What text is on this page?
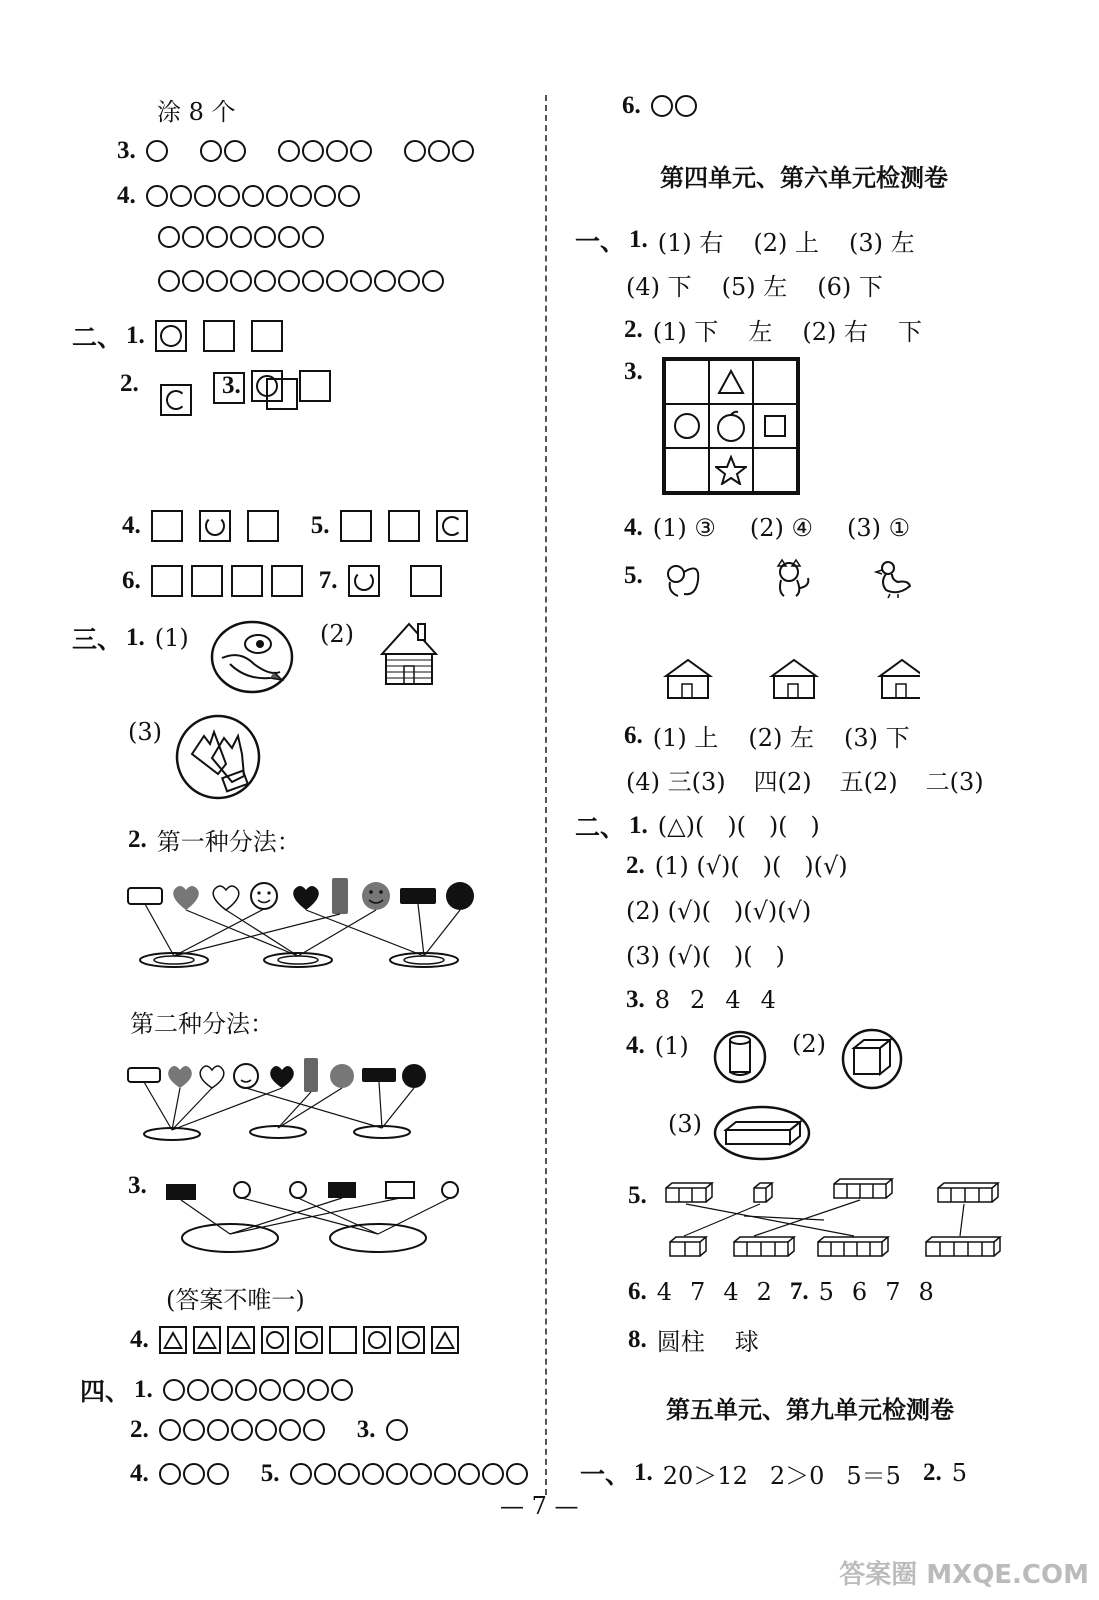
涂 8 个
3.
4.
二、 1.
2.
	3.
4.	5.
6.	7.
三、 1. (1)	(2)
(3)
2. 第一种分法：
第二种分法：
3.
(答案不唯一)
4.
四、 1.
2.	3.
4.	5.
6.
第四单元、第六单元检测卷
一、 1. (1) 右 (2) 上 (3) 左
(4) 下 (5) 左 (6) 下
2. (1) 下 左 (2) 右 下
3.
4. (1) ③ (2) ④ (3) ①
5.
6. (1) 上 (2) 左 (3) 下
(4) 三(3) 四(2) 五(2) 二(3)
二、 1. (△)(   )(   )(   )
2. (1) (√)(   )(   )(√)
(2) (√)(   )(√)(√)
(3) (√)(   )(   )
3. 8 2 4 4
4. (1)	(2)
(3)
5.
6. 4 7 4 2 7. 5 6 7 8
8. 圆柱 球
第五单元、第九单元检测卷
一、 1. 20＞12 2＞0 5＝5 2. 5
— 7 —
答案圈 MXQE.COM
